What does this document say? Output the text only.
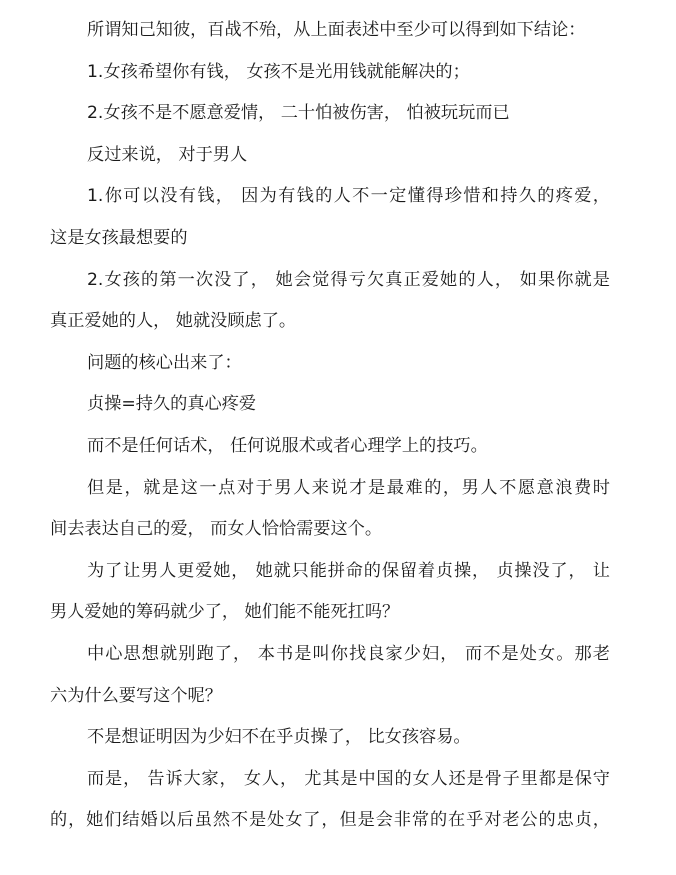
所谓知己知彼，百战不殆，从上面表述中至少可以得到如下结论：
1.女孩希望你有钱， 女孩不是光用钱就能解决的；
2.女孩不是不愿意爱情， 二十怕被伤害， 怕被玩玩而已
反过来说， 对于男人
1.你可以没有钱， 因为有钱的人不一定懂得珍惜和持久的疼爱，
这是女孩最想要的
2.女孩的第一次没了， 她会觉得亏欠真正爱她的人， 如果你就是
真正爱她的人， 她就没顾虑了。
问题的核心出来了：
贞操=持久的真心疼爱
而不是任何话术， 任何说服术或者心理学上的技巧。
但是，就是这一点对于男人来说才是最难的，男人不愿意浪费时
间去表达自己的爱， 而女人恰恰需要这个。
为了让男人更爱她， 她就只能拼命的保留着贞操， 贞操没了， 让
男人爱她的筹码就少了， 她们能不能死扛吗？
中心思想就别跑了， 本书是叫你找良家少妇， 而不是处女。那老
六为什么要写这个呢？
不是想证明因为少妇不在乎贞操了， 比女孩容易。
而是， 告诉大家， 女人， 尤其是中国的女人还是骨子里都是保守
的，她们结婚以后虽然不是处女了，但是会非常的在乎对老公的忠贞，
